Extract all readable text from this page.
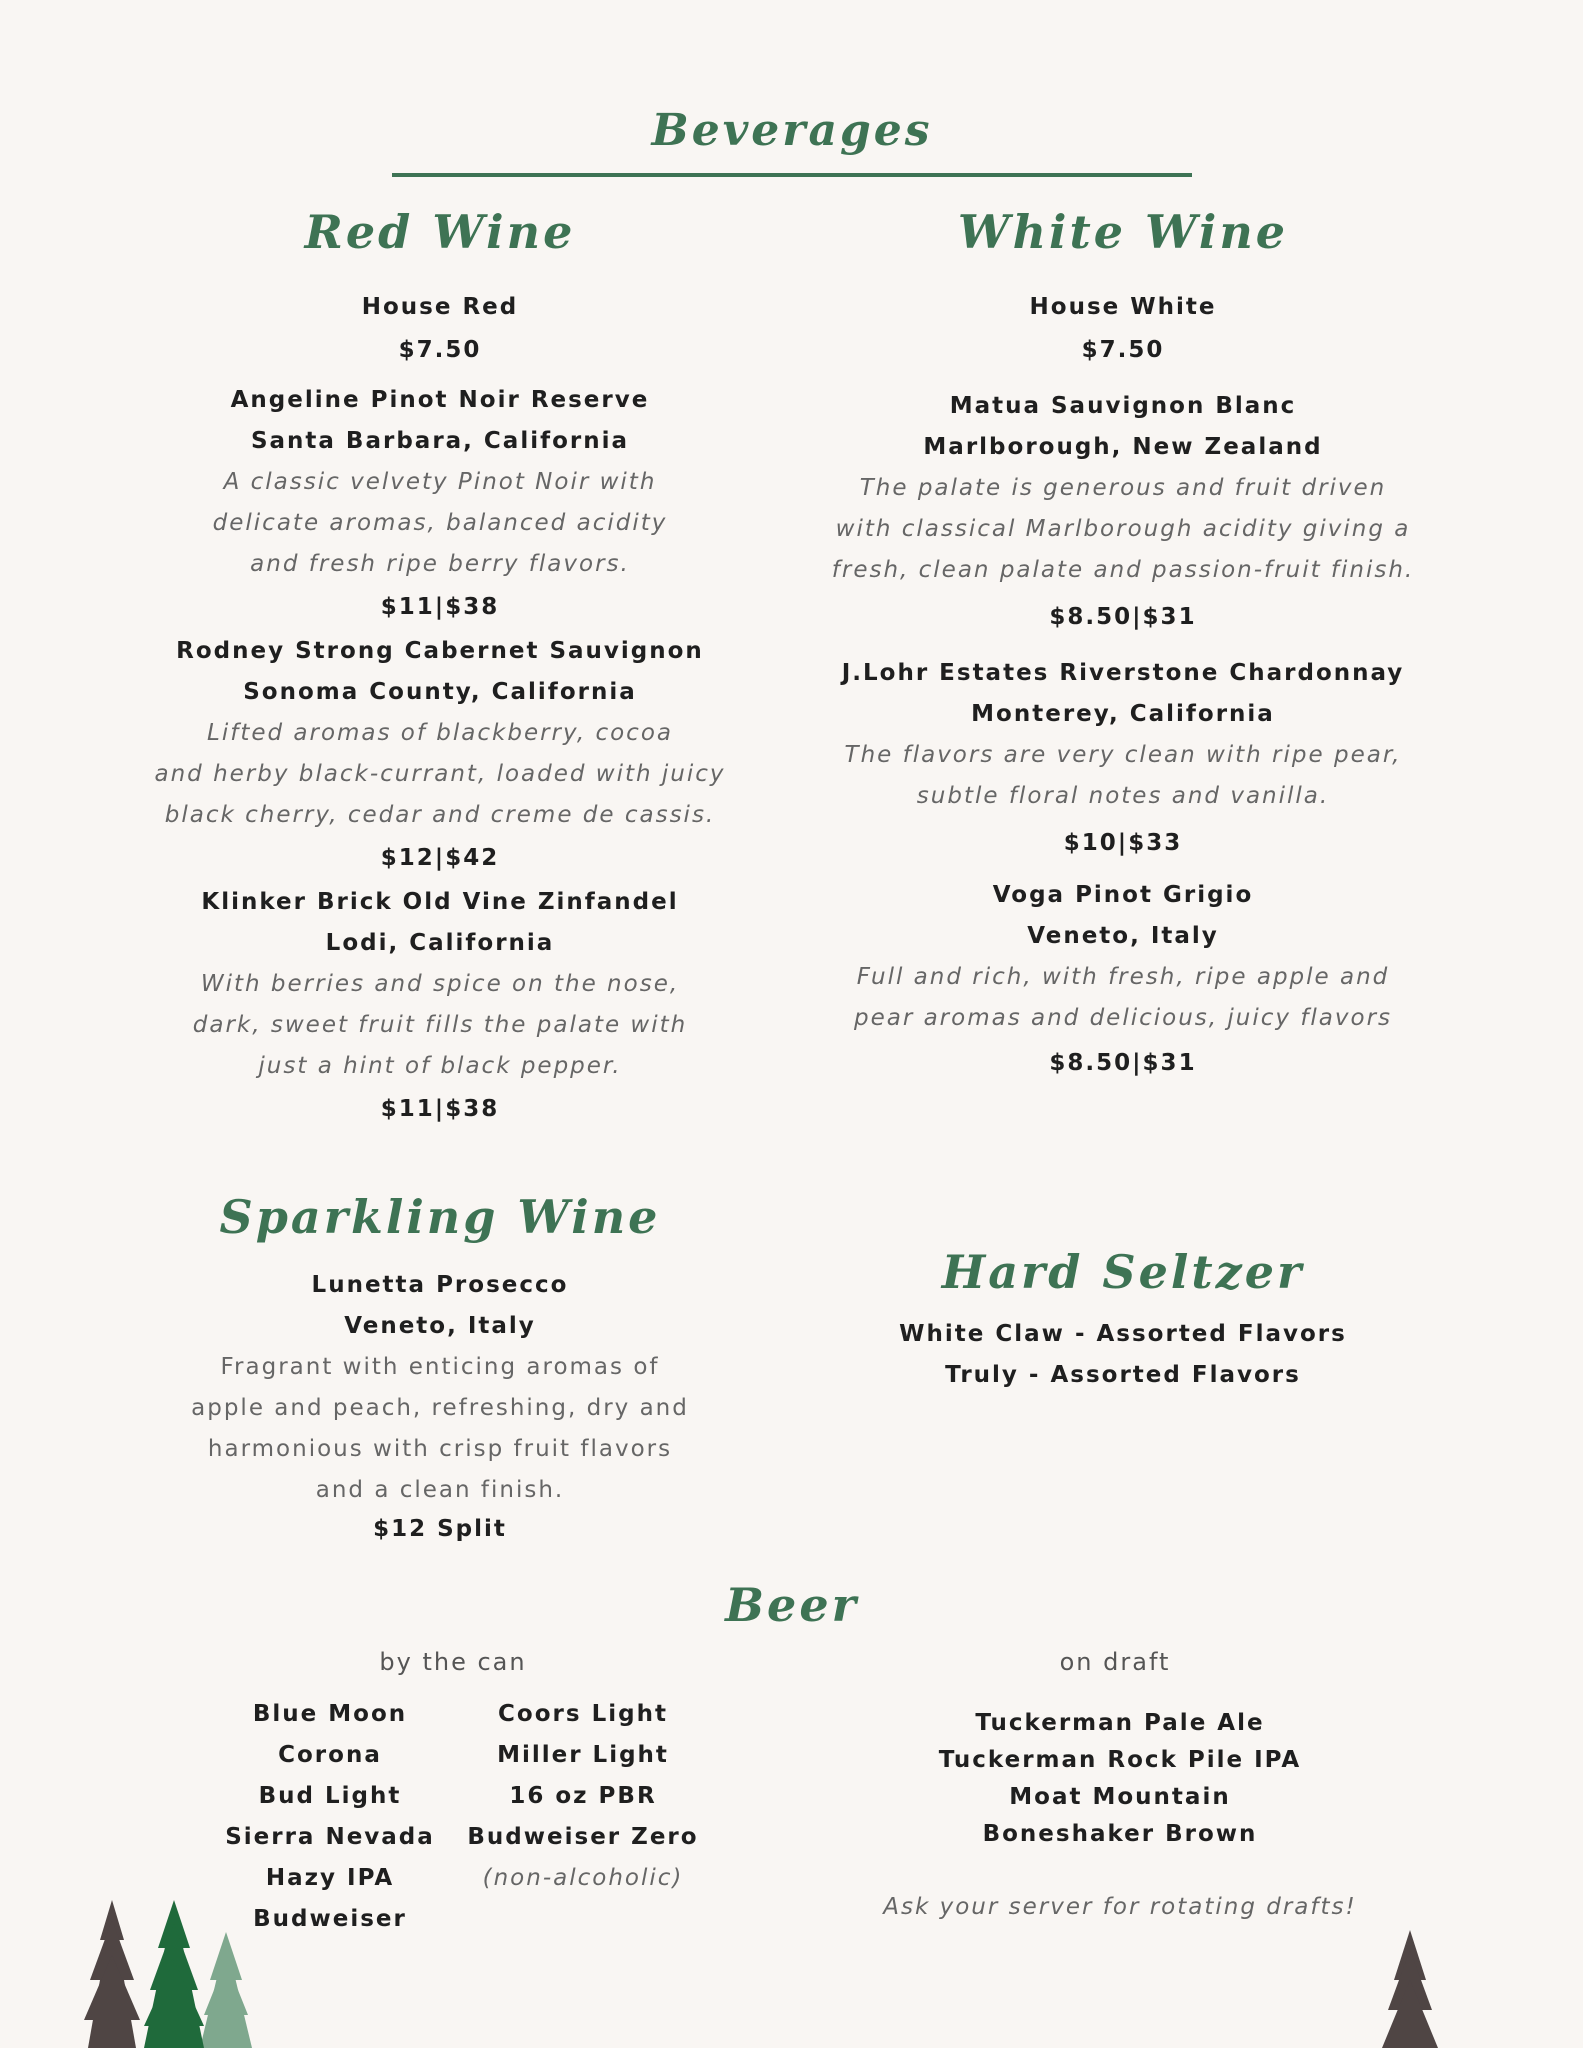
Beverages
Red Wine
House Red
$7.50
Angeline Pinot Noir Reserve
Santa Barbara, California
A classic velvety Pinot Noir with
delicate aromas, balanced acidity
and fresh ripe berry flavors.
$11|$38
Rodney Strong Cabernet Sauvignon
Sonoma County, California
Lifted aromas of blackberry, cocoa
and herby black-currant, loaded with juicy
black cherry, cedar and creme de cassis.
$12|$42
Klinker Brick Old Vine Zinfandel
Lodi, California
With berries and spice on the nose,
dark, sweet fruit fills the palate with
just a hint of black pepper.
$11|$38
White Wine
House White
$7.50
Matua Sauvignon Blanc
Marlborough, New Zealand
The palate is generous and fruit driven
with classical Marlborough acidity giving a
fresh, clean palate and passion-fruit finish.
$8.50|$31
J.Lohr Estates Riverstone Chardonnay
Monterey, California
The flavors are very clean with ripe pear,
subtle floral notes and vanilla.
$10|$33
Voga Pinot Grigio
Veneto, Italy
Full and rich, with fresh, ripe apple and
pear aromas and delicious, juicy flavors
$8.50|$31
Sparkling Wine
Lunetta Prosecco
Veneto, Italy
Fragrant with enticing aromas of
apple and peach, refreshing, dry and
harmonious with crisp fruit flavors
and a clean finish.
$12 Split
Hard Seltzer
White Claw - Assorted Flavors
Truly - Assorted Flavors
Beer
by the can
Blue Moon
Corona
Bud Light
Sierra Nevada
Hazy IPA
Budweiser
Coors Light
Miller Light
16 oz PBR
Budweiser Zero
(non-alcoholic)
on draft
Tuckerman Pale Ale
Tuckerman Rock Pile IPA
Moat Mountain
Boneshaker Brown
Ask your server for rotating drafts!
